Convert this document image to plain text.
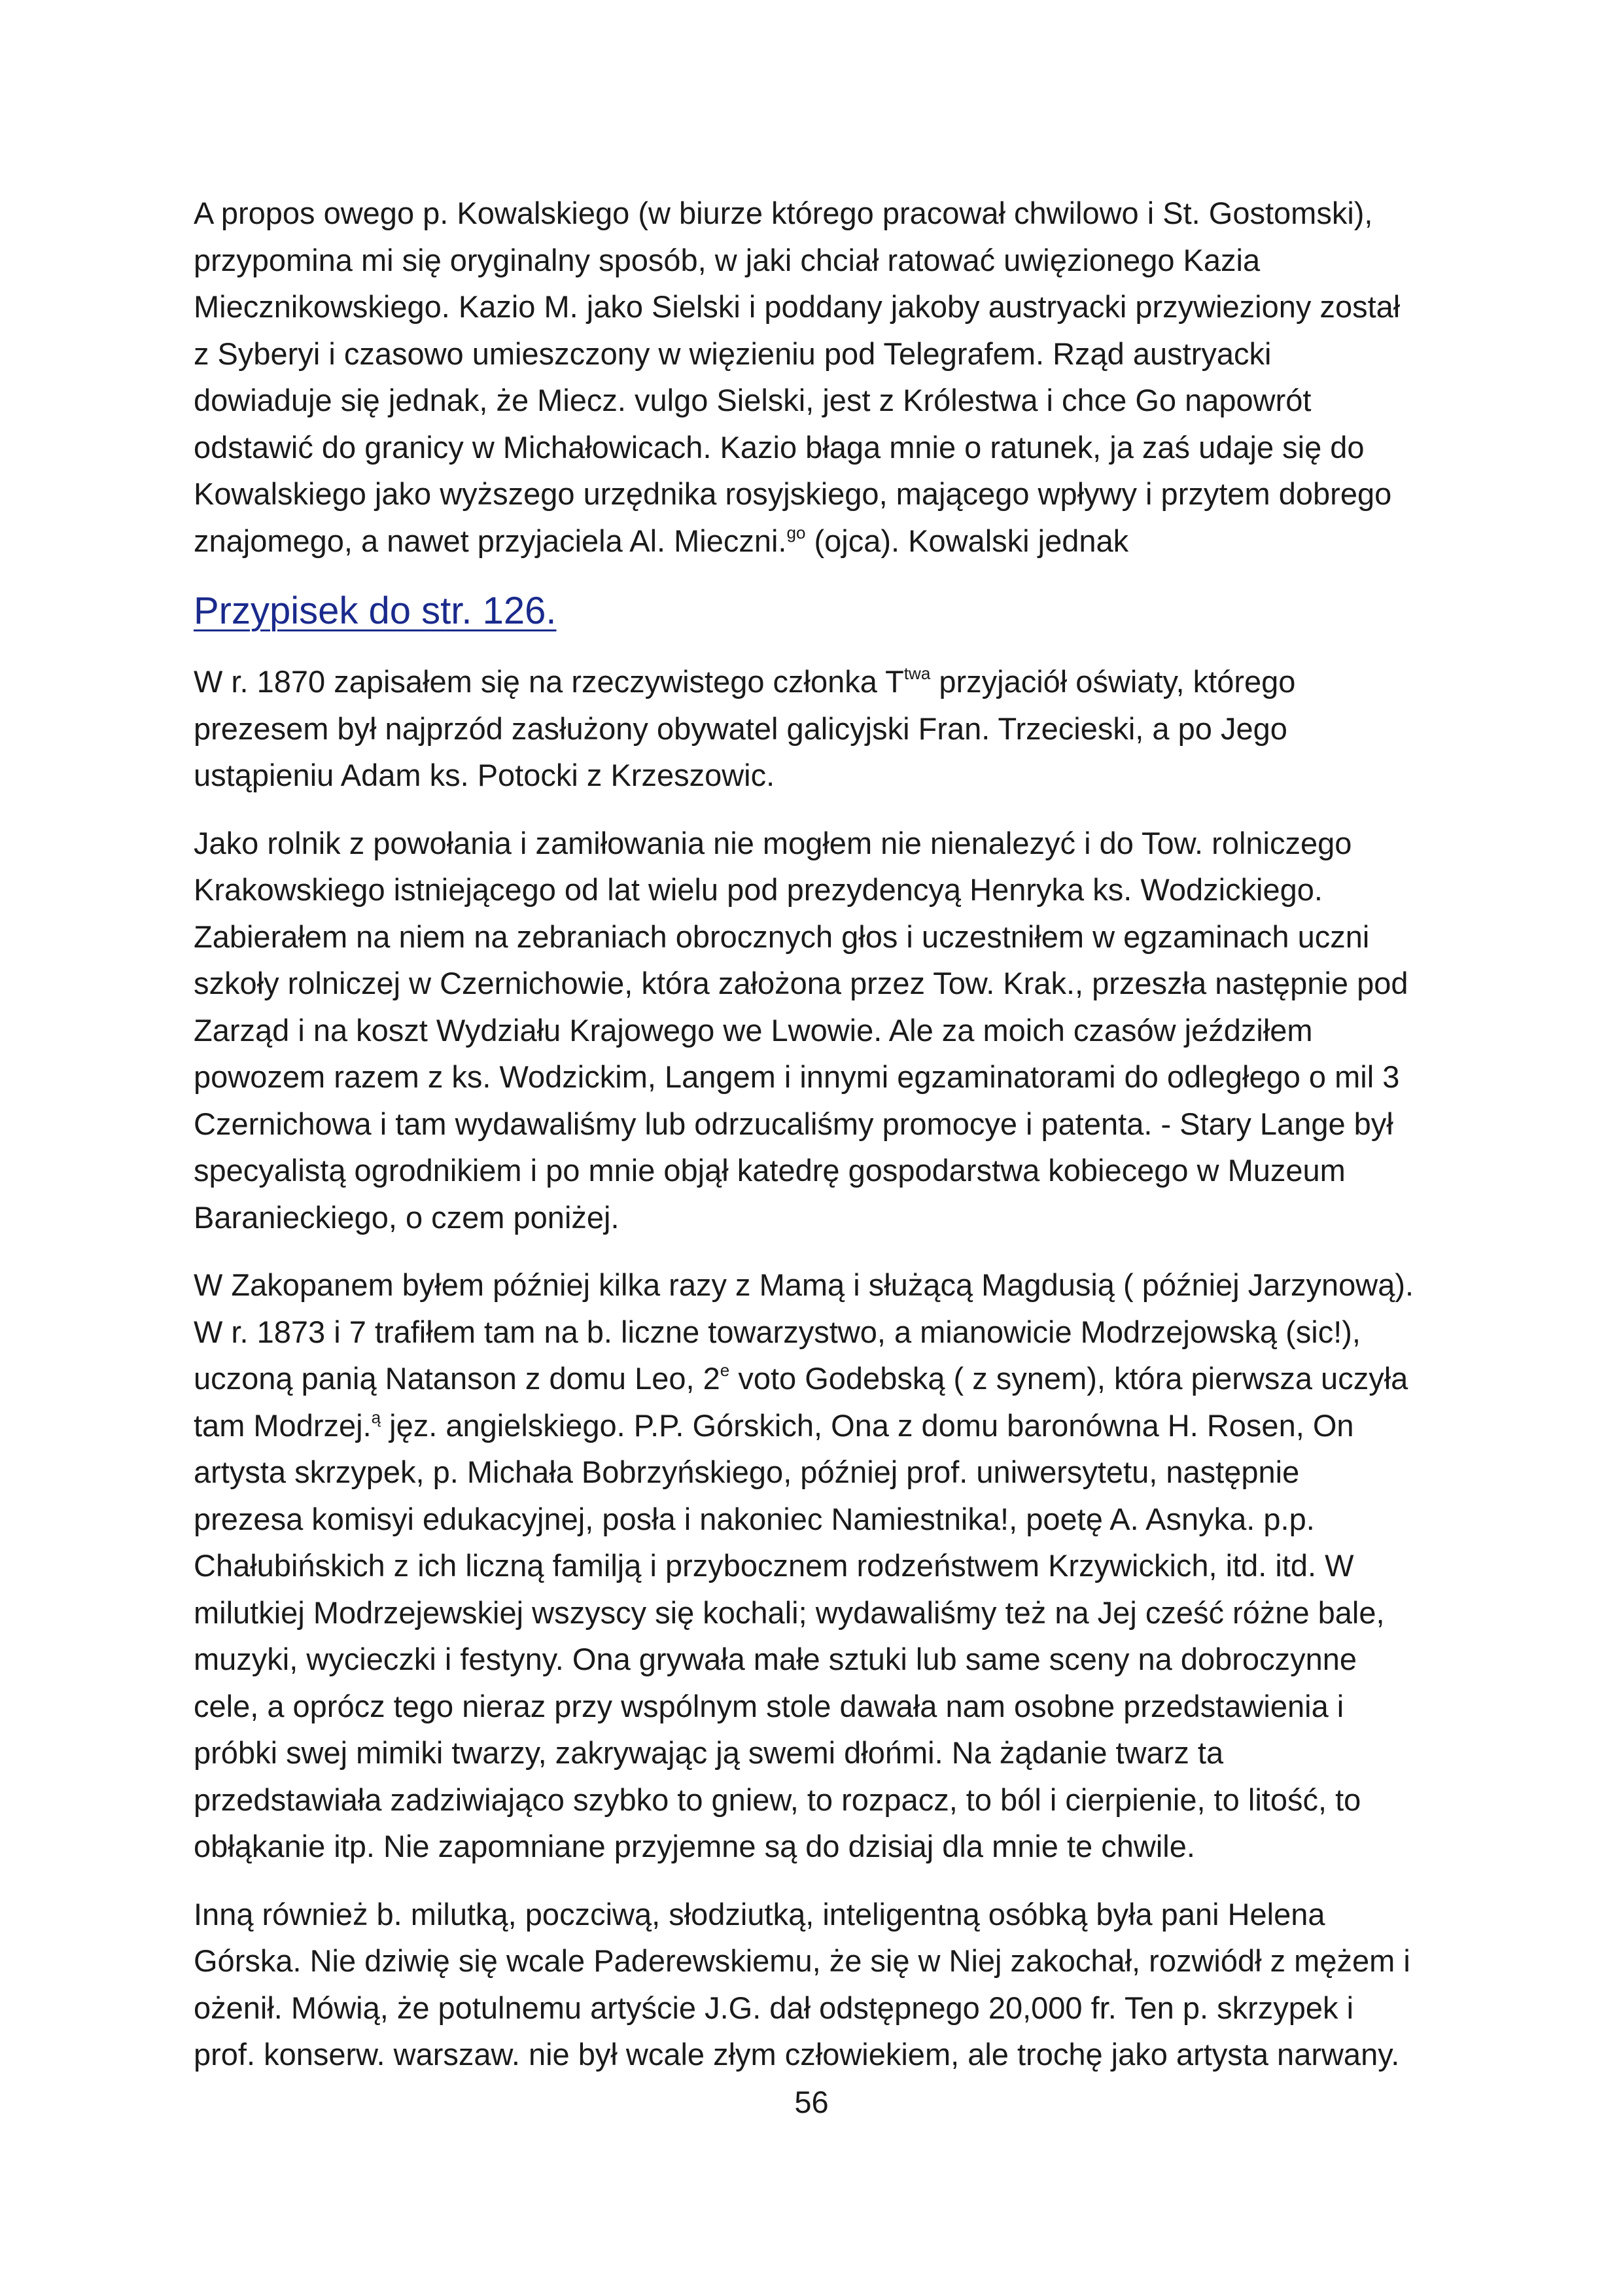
A propos owego p. Kowalskiego (w biurze którego pracował chwilowo i St. Gostomski),
przypomina mi się oryginalny sposób, w jaki chciał ratować uwięzionego Kazia
Miecznikowskiego. Kazio M. jako Sielski i poddany jakoby austryacki przywieziony został
z Syberyi i czasowo umieszczony w więzieniu pod Telegrafem. Rząd austryacki
dowiaduje się jednak, że Miecz. vulgo Sielski, jest z Królestwa i chce Go napowrót
odstawić do granicy w Michałowicach. Kazio błaga mnie o ratunek, ja zaś udaje się do
Kowalskiego jako wyższego urzędnika rosyjskiego, mającego wpływy i przytem dobrego
znajomego, a nawet przyjaciela Al. Mieczni.$^{go}$ (ojca). Kowalski jednak

Przypisek do str. 126.

W r. 1870 zapisałem się na rzeczywistego członka $T^{twa}$ przyjaciół oświaty, którego
prezesem był najprzód zasłużony obywatel galicyjski Fran. Trzecieski, a po Jego
ustąpieniu Adam ks. Potocki z Krzeszowic.

Jako rolnik z powołania i zamiłowania nie mogłem nie nienalezyć i do Tow. rolniczego
Krakowskiego istniejącego od lat wielu pod prezydencyą Henryka ks. Wodzickiego.
Zabierałem na niem na zebraniach obrocznych głos i uczestniłem w egzaminach uczni
szkoły rolniczej w Czernichowie, która założona przez Tow. Krak., przeszła następnie pod
Zarząd i na koszt Wydziału Krajowego we Lwowie. Ale za moich czasów jeździłem
powozem razem z ks. Wodzickim, Langem i innymi egzaminatorami do odległego o mil 3
Czernichowa i tam wydawaliśmy lub odrzucaliśmy promocye i patenta. - Stary Lange był
specyalistą ogrodnikiem i po mnie objął katedrę gospodarstwa kobiecego w Muzeum
Baranieckiego, o czem poniżej.

W Zakopanem byłem później kilka razy z Mamą i służącą Magdusią ( później Jarzynową).
W r. 1873 i 7 trafiłem tam na b. liczne towarzystwo, a mianowicie Modrzejowską (sic!),
uczoną panią Natanson z domu Leo, 2e voto Godebską ( z synem), która pierwsza uczyła
tam Modrzej.$^ą$ jęz. angielskiego. P.P. Górskich, Ona z domu baronówna H. Rosen, On
artysta skrzypek, p. Michała Bobrzyńskiego, później prof. uniwersytetu, następnie
prezesa komisyi edukacyjnej, posła i nakoniec Namiestnika!, poetę A. Asnyka. p.p.
Chałubińskich z ich liczną familją i przybocznem rodzeństwem Krzywickich, itd. itd. W
milutkiej Modrzejewskiej wszyscy się kochali; wydawaliśmy też na Jej cześć różne bale,
muzyki, wycieczki i festyny. Ona grywała małe sztuki lub same sceny na dobroczynne
cele, a oprócz tego nieraz przy wspólnym stole dawała nam osobne przedstawienia i
próbki swej mimiki twarzy, zakrywając ją swemi dłońmi. Na żądanie twarz ta
przedstawiała zadziwiająco szybko to gniew, to rozpacz, to ból i cierpienie, to litość, to
obłąkanie itp. Nie zapomniane przyjemne są do dzisiaj dla mnie te chwile.

Inną również b. milutką, poczciwą, słodziutką, inteligentną osóbką była pani Helena
Górska. Nie dziwię się wcale Paderewskiemu, że się w Niej zakochał, rozwiódł z mężem i
ożenił. Mówią, że potulnemu artyście J.G. dał odstępnego 20,000 fr. Ten p. skrzypek i
prof. konserw. warszaw. nie był wcale złym człowiekiem, ale trochę jako artysta narwany.

56
